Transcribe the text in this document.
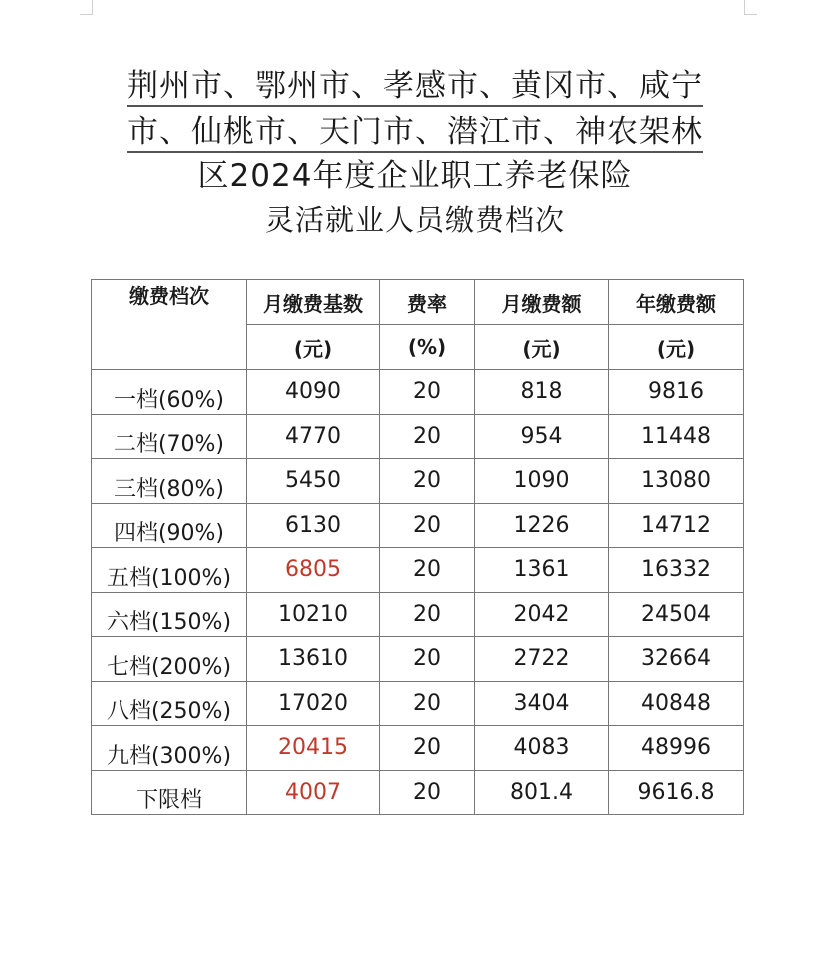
荆州市、鄂州市、孝感市、黄冈市、咸宁
市、仙桃市、天门市、潜江市、神农架林
区2024年度企业职工养老保险
灵活就业人员缴费档次
缴费档次	月缴费基数	费率	月缴费额	年缴费额
	(元)	(%)	(元)	(元)
一档(60%)	4090	20	818	9816
二档(70%)	4770	20	954	11448
三档(80%)	5450	20	1090	13080
四档(90%)	6130	20	1226	14712
五档(100%)	6805	20	1361	16332
六档(150%)	10210	20	2042	24504
七档(200%)	13610	20	2722	32664
八档(250%)	17020	20	3404	40848
九档(300%)	20415	20	4083	48996
下限档	4007	20	801.4	9616.8
